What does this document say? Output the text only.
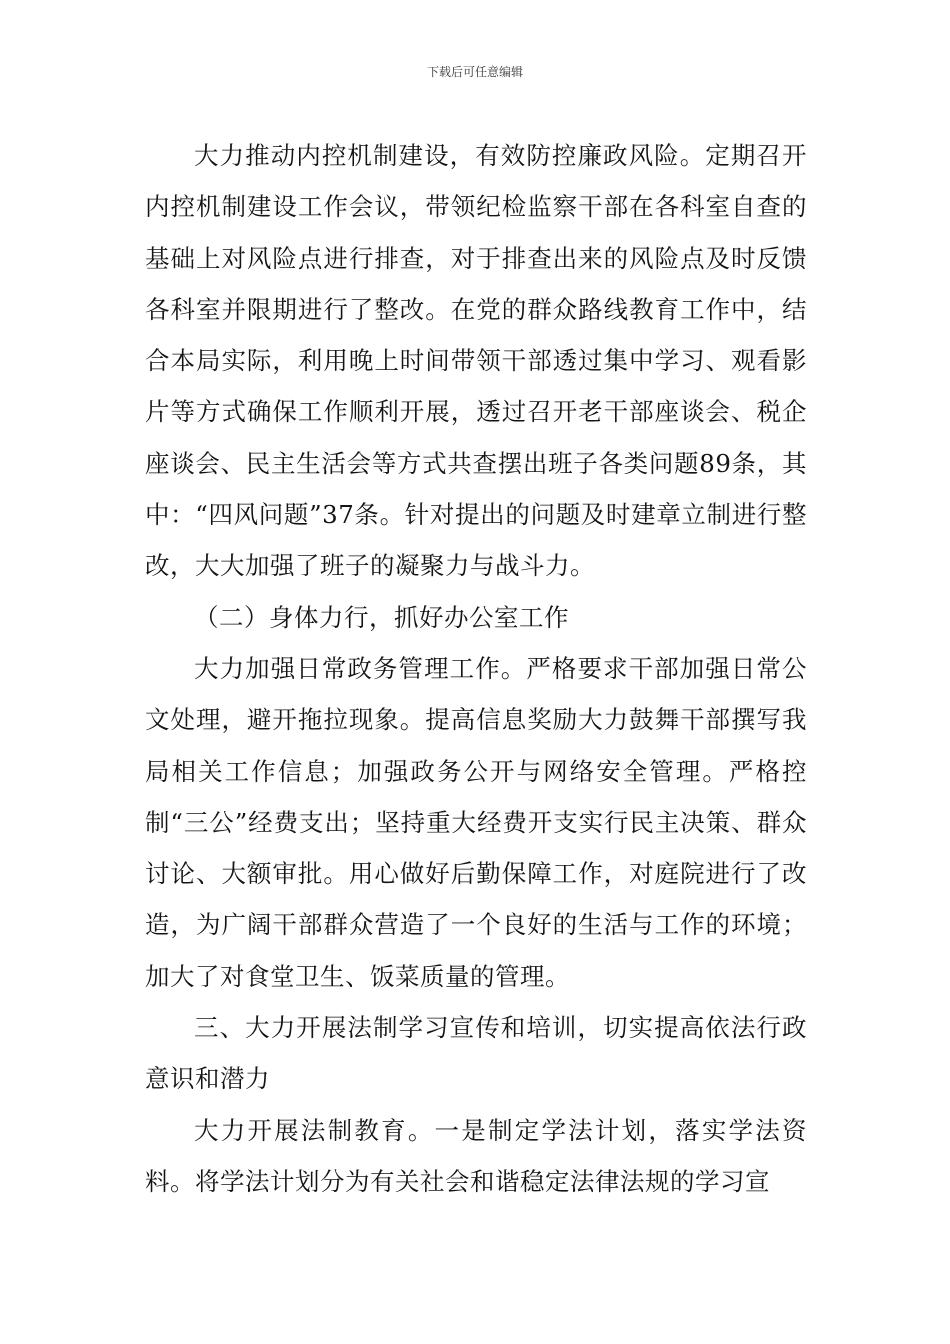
下载后可任意编辑

大力推动内控机制建设，有效防控廉政风险。定期召开内控机制建设工作会议，带领纪检监察干部在各科室自查的基础上对风险点进行排查，对于排查出来的风险点及时反馈各科室并限期进行了整改。在党的群众路线教育工作中，结合本局实际，利用晚上时间带领干部透过集中学习、观看影片等方式确保工作顺利开展，透过召开老干部座谈会、税企座谈会、民主生活会等方式共查摆出班子各类问题89条，其中：“四风问题”37条。针对提出的问题及时建章立制进行整改，大大加强了班子的凝聚力与战斗力。

（二）身体力行，抓好办公室工作

大力加强日常政务管理工作。严格要求干部加强日常公文处理，避开拖拉现象。提高信息奖励大力鼓舞干部撰写我局相关工作信息；加强政务公开与网络安全管理。严格控制“三公”经费支出；坚持重大经费开支实行民主决策、群众讨论、大额审批。用心做好后勤保障工作，对庭院进行了改造，为广阔干部群众营造了一个良好的生活与工作的环境；加大了对食堂卫生、饭菜质量的管理。

三、大力开展法制学习宣传和培训，切实提高依法行政意识和潜力

大力开展法制教育。一是制定学法计划，落实学法资料。将学法计划分为有关社会和谐稳定法律法规的学习宣
